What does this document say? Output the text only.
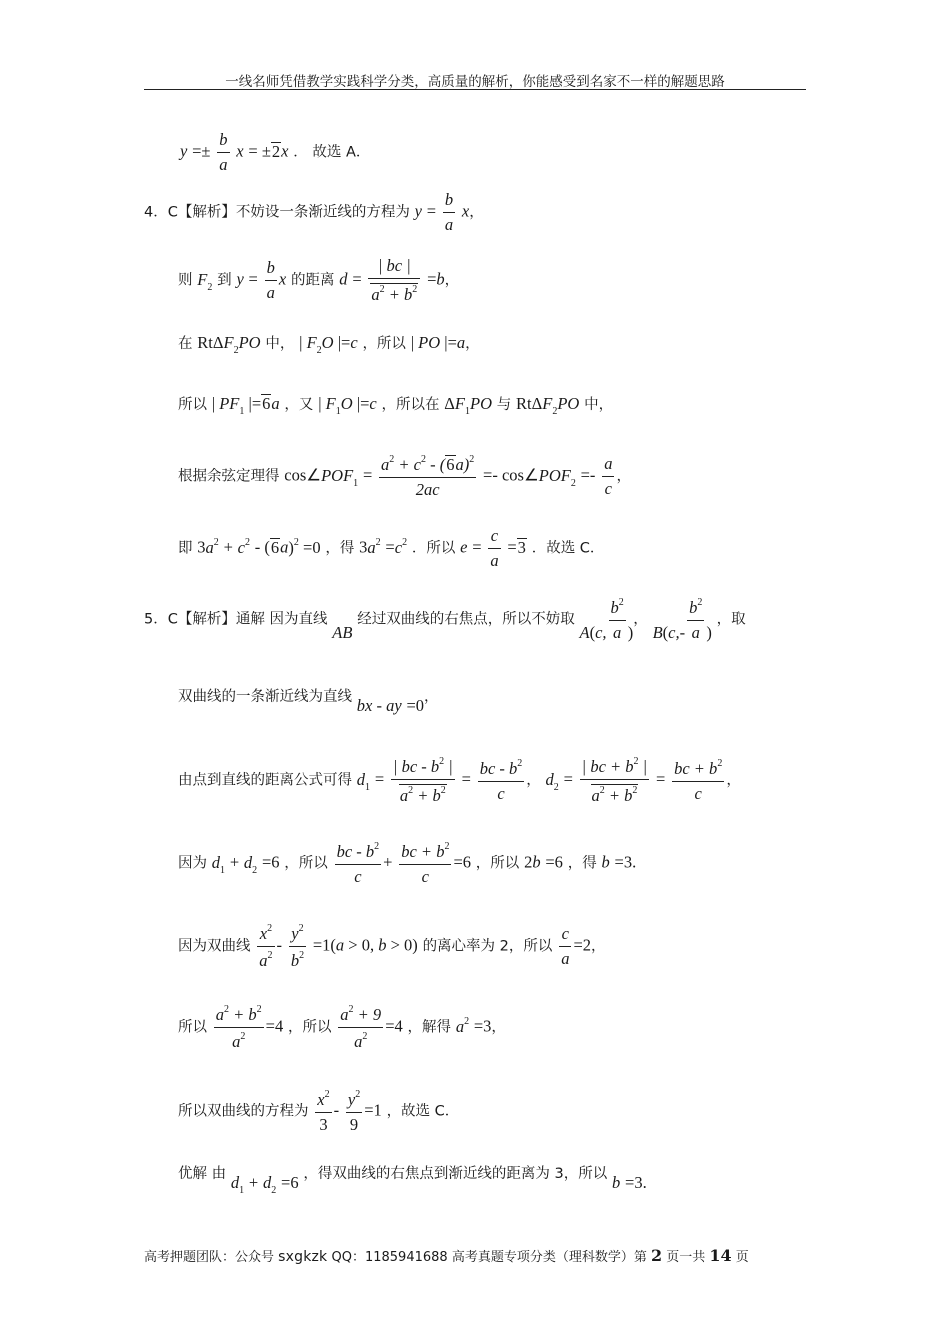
一线名师凭借教学实践科学分类，高质量的解析，你能感受到名家不一样的解题思路
$y =\pm \frac{b}{a}$ x = ±2x ． 故选 A．
4．C【解析】不妨设一条渐近线的方程为 $y = \frac{b}{a}$ x，
则 $F_2$ 到 $y = \frac{b}{a}$ x 的距离 $d = \frac{| bc |}{a^2 + b^2} =b$，
在 RtΔF$_2$PO 中， | $F_2O$ |=c ，所以 | PO |=a，
所以 | $PF_1$ |=6a ，又 | $F_1O$ |=c ，所以在 $\Delta F_1PO$ 与 RtΔF$_2$PO 中，
根据余弦定理得 $\cos\angle POF_1 = \frac{a^2 + c^2 - (6a)^2}{2ac}$ =- $\cos\angle POF_2 =- \frac{a}{c}$ ，
即 $3a^2 + c^2 - (6a)^2 =0$ ，得 $3a^2 =c^2$ ．所以 $e = \frac{c}{a} =3$ ．故选 C．
5．C【解析】通解 因为直线 AB 经过双曲线的右焦点，所以不妨取 A(c, $\frac{b^2}{a}$ )， $B(c,- \frac{b^2}{a}$ ) ，取
双曲线的一条渐近线为直线 bx - ay =0，
由点到直线的距离公式可得 $d_1 = \frac{| bc - b^2 |}{a^2 + b^2} = \frac{bc - b^2}{c}$ ， $d_2 = \frac{| bc + b^2 |}{a^2 + b^2} = \frac{bc + b^2}{c}$ ，
因为 $d_1 + d_2 =6$ ，所以 $\frac{bc - b^2}{c} + \frac{bc + b^2}{c} =6$ ，所以 2b =6 ，得 b =3.
因为双曲线 $\frac{x^2}{a^2} - \frac{y^2}{b^2} =1(a > 0$, b > 0) 的离心率为 2，所以 $\frac{c}{a} =2$，
所以 $\frac{a^2 + b^2}{a^2} =4$ ，所以 $\frac{a^2 + 9}{a^2} =4$ ，解得 $a^2 =3$，
所以双曲线的方程为 $\frac{x^2}{3} - \frac{y^2}{9} =1$ ，故选 C．
优解 由 $d_1 + d_2 =6$ ，得双曲线的右焦点到渐近线的距离为 3，所以 b =3.
高考押题团队：公众号 sxgkzk QQ：1185941688 高考真题专项分类（理科数学）第 2 页一共 14 页
